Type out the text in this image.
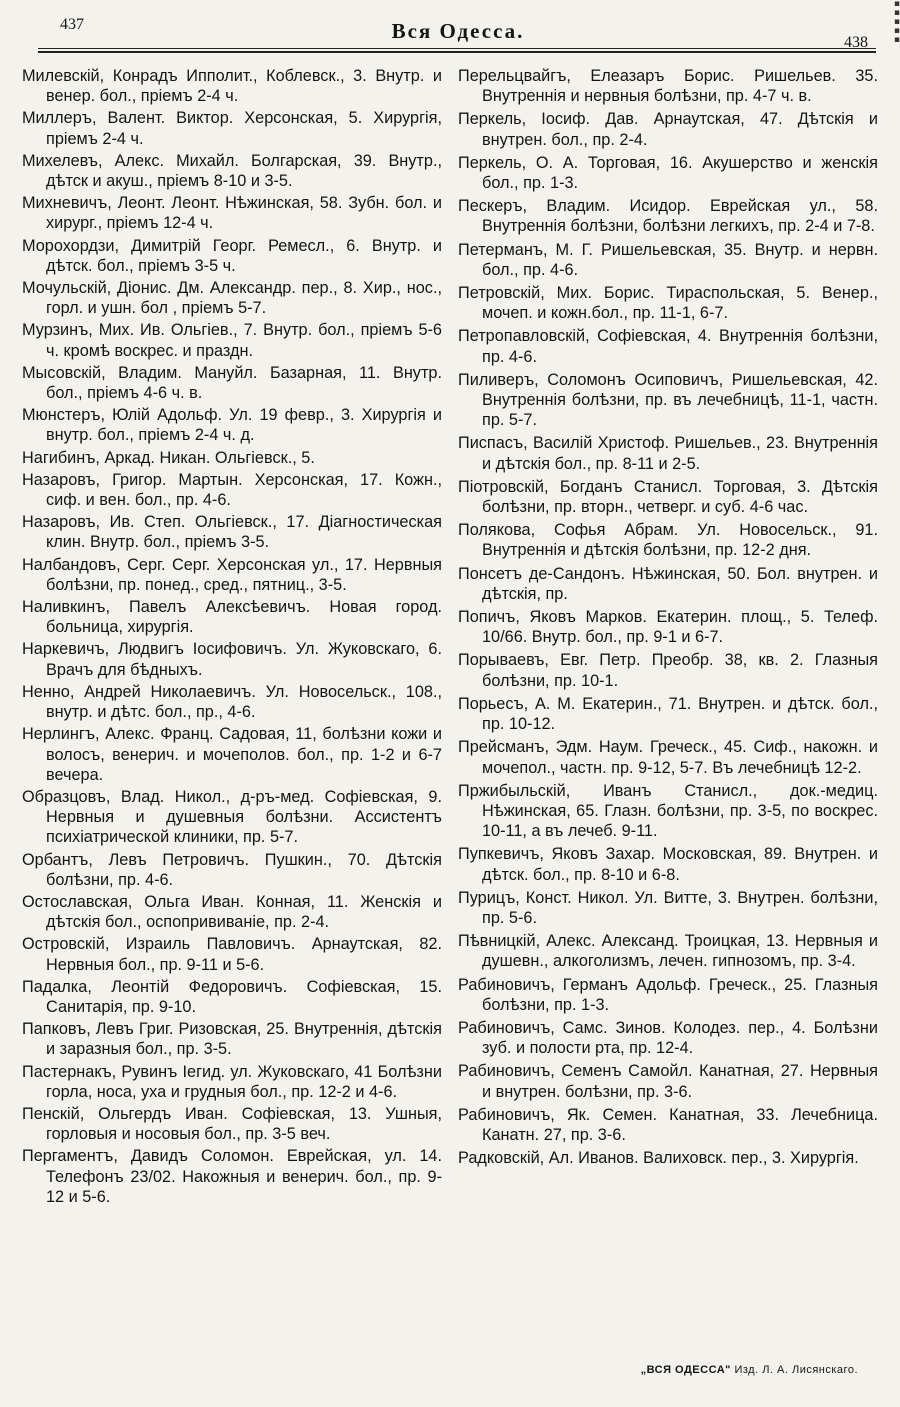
▪
▪
▪
▪
▪
437	Вся Одесса.	438

Милевскій, Конрадъ Ипполит., Коблевск., 3. Внутр. и венер. бол., пріемъ 2-4 ч.

Миллеръ, Валент. Виктор. Херсонская, 5. Хирургія, пріемъ 2-4 ч.

Михелевъ, Алекс. Михайл. Болгарская, 39. Внутр., дѣтск и акуш., пріемъ 8-10 и 3-5.

Михневичъ, Леонт. Леонт. Нѣжинская, 58. Зубн. бол. и хирург., пріемъ 12-4 ч.

Морохордзи, Димитрій Георг. Ремесл., 6. Внутр. и дѣтск. бол., пріемъ 3-5 ч.

Мочульскій, Діонис. Дм. Александр. пер., 8. Хир., нос., горл. и ушн. бол , пріемъ 5-7.

Мурзинъ, Мих. Ив. Ольгіев., 7. Внутр. бол., пріемъ 5-6 ч. кромѣ воскрес. и праздн.

Мысовскій, Владим. Мануйл. Базарная, 11. Внутр. бол., пріемъ 4-6 ч. в.

Мюнстеръ, Юлій Адольф. Ул. 19 февр., 3. Хирургія и внутр. бол., пріемъ 2-4 ч. д.

Нагибинъ, Аркад. Никан. Ольгіевск., 5.

Назаровъ, Григор. Мартын. Херсонская, 17. Кожн., сиф. и вен. бол., пр. 4-6.

Назаровъ, Ив. Степ. Ольгіевск., 17. Діагностическая клин. Внутр. бол., пріемъ 3-5.

Налбандовъ, Серг. Серг. Херсонская ул., 17. Нервныя болѣзни, пр. понед., сред., пятниц., 3-5.

Наливкинъ, Павелъ Алексѣевичъ. Новая город. больница, хирургія.

Наркевичъ, Людвигъ Іосифовичъ. Ул. Жуковскаго, 6. Врачъ для бѣдныхъ.

Ненно, Андрей Николаевичъ. Ул. Новосельск., 108., внутр. и дѣтс. бол., пр., 4-6.

Нерлингъ, Алекс. Франц. Садовая, 11, болѣзни кожи и волосъ, венерич. и мочеполов. бол., пр. 1-2 и 6-7 вечера.

Образцовъ, Влад. Никол., д-ръ-мед. Софіевская, 9. Нервныя и душевныя болѣзни. Ассистентъ психіатрической клиники, пр. 5-7.

Орбантъ, Левъ Петровичъ. Пушкин., 70. Дѣтскія болѣзни, пр. 4-6.

Остославская, Ольга Иван. Конная, 11. Женскія и дѣтскія бол., оспопрививаніе, пр. 2-4.

Островскій, Израиль Павловичъ. Арнаутская, 82. Нервныя бол., пр. 9-11 и 5-6.

Падалка, Леонтій Федоровичъ. Софіевская, 15. Санитарія, пр. 9-10.

Папковъ, Левъ Григ. Ризовская, 25. Внутреннія, дѣтскія и заразныя бол., пр. 3-5.

Пастернакъ, Рувинъ Іегид. ул. Жуковскаго, 41 Болѣзни горла, носа, уха и грудныя бол., пр. 12-2 и 4-6.

Пенскій, Ольгердъ Иван. Софіевская, 13. Ушныя, горловыя и носовыя бол., пр. 3-5 веч.

Пергаментъ, Давидъ Соломон. Еврейская, ул. 14. Телефонъ 23/02. Накожныя и венерич. бол., пр. 9-12 и 5-6.

Перельцвайгъ, Елеазаръ Борис. Ришельев. 35. Внутреннія и нервныя болѣзни, пр. 4-7 ч. в.

Перкель, Іосиф. Дав. Арнаутская, 47. Дѣтскія и внутрен. бол., пр. 2-4.

Перкель, О. А. Торговая, 16. Акушерство и женскія бол., пр. 1-3.

Пескеръ, Владим. Исидор. Еврейская ул., 58. Внутреннія болѣзни, болѣзни легкихъ, пр. 2-4 и 7-8.

Петерманъ, М. Г. Ришельевская, 35. Внутр. и нервн. бол., пр. 4-6.

Петровскій, Мих. Борис. Тираспольская, 5. Венер., мочеп. и кожн.бол., пр. 11-1, 6-7.

Петропавловскій, Софіевская, 4. Внутреннія болѣзни, пр. 4-6.

Пиливеръ, Соломонъ Осиповичъ, Ришельевская, 42. Внутреннія болѣзни, пр. въ лечебницѣ, 11-1, частн. пр. 5-7.

Писпасъ, Василій Христоф. Ришельев., 23. Внутреннія и дѣтскія бол., пр. 8-11 и 2-5.

Піотровскій, Богданъ Станисл. Торговая, 3. Дѣтскія болѣзни, пр. вторн., четверг. и суб. 4-6 час.

Полякова, Софья Абрам. Ул. Новосельск., 91. Внутреннія и дѣтскія болѣзни, пр. 12-2 дня.

Понсетъ де-Сандонъ. Нѣжинская, 50. Бол. внутрен. и дѣтскія, пр.

Попичъ, Яковъ Марков. Екатерин. площ., 5. Телеф. 10/66. Внутр. бол., пр. 9-1 и 6-7.

Порываевъ, Евг. Петр. Преобр. 38, кв. 2. Глазныя болѣзни, пр. 10-1.

Порьесъ, А. М. Екатерин., 71. Внутрен. и дѣтск. бол., пр. 10-12.

Прейсманъ, Эдм. Наум. Греческ., 45. Сиф., накожн. и мочепол., частн. пр. 9-12, 5-7. Въ лечебницѣ 12-2.

Пржибыльскій, Иванъ Станисл., док.-медиц. Нѣжинская, 65. Глазн. болѣзни, пр. 3-5, по воскрес. 10-11, а въ лечеб. 9-11.

Пупкевичъ, Яковъ Захар. Московская, 89. Внутрен. и дѣтск. бол., пр. 8-10 и 6-8.

Пурицъ, Конст. Никол. Ул. Витте, 3. Внутрен. болѣзни, пр. 5-6.

Пѣвницкій, Алекс. Александ. Троицкая, 13. Нервныя и душевн., алкоголизмъ, лечен. гипнозомъ, пр. 3-4.

Рабиновичъ, Германъ Адольф. Греческ., 25. Глазныя болѣзни, пр. 1-3.

Рабиновичъ, Самс. Зинов. Колодез. пер., 4. Болѣзни зуб. и полости рта, пр. 12-4.

Рабиновичъ, Семенъ Самойл. Канатная, 27. Нервныя и внутрен. болѣзни, пр. 3-6.

Рабиновичъ, Як. Семен. Канатная, 33. Лечебница. Канатн. 27, пр. 3-6.

Радковскій, Ал. Иванов. Валиховск. пер., 3. Хирургія.

„ВСЯ ОДЕССА" Изд. Л. А. Лисянскаго.
